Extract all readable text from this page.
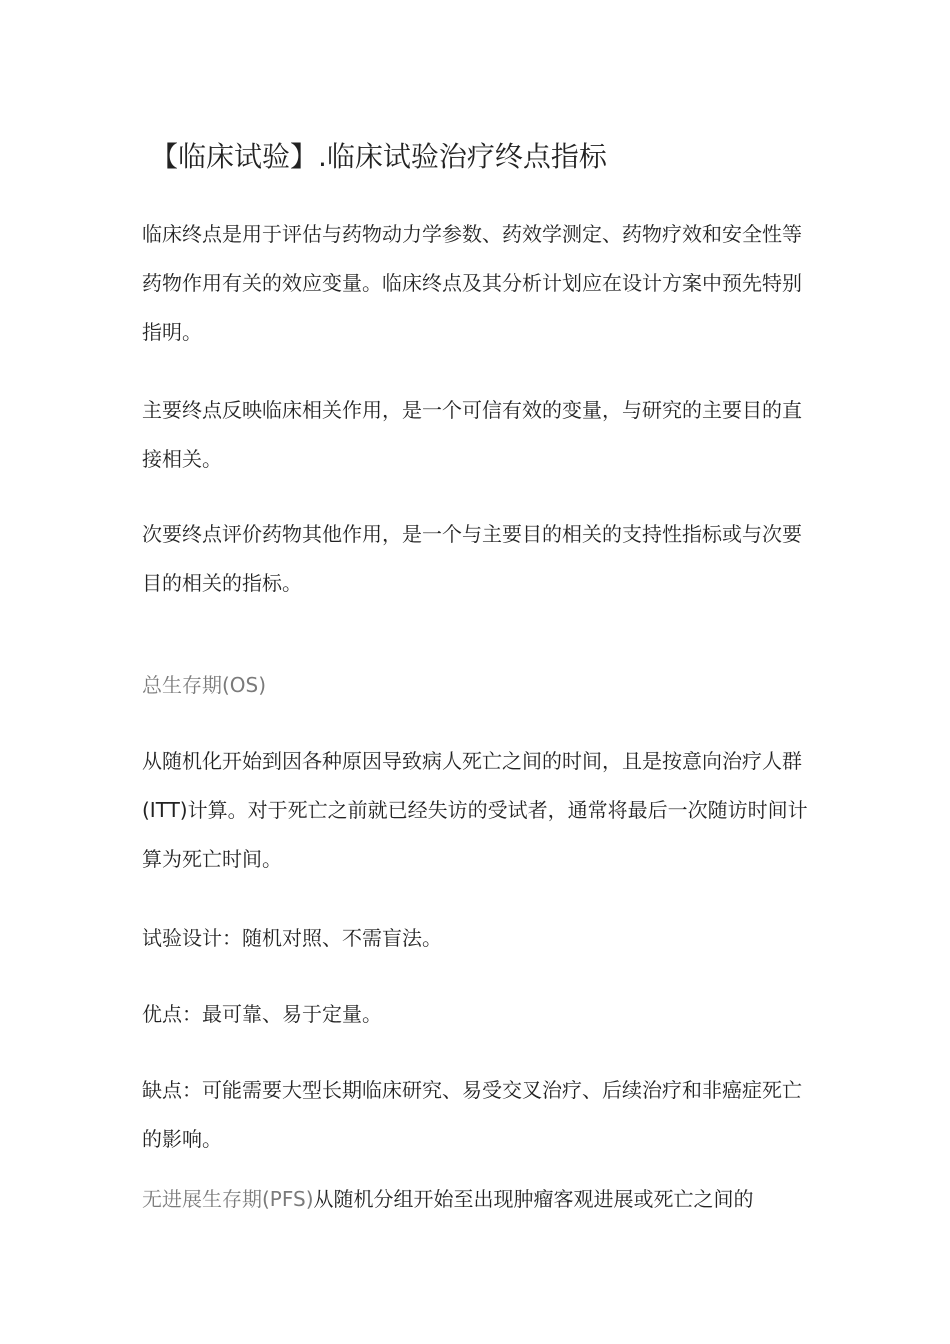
【临床试验】.临床试验治疗终点指标

临床终点是用于评估与药物动力学参数、药效学测定、药物疗效和安全性等药物作用有关的效应变量。临床终点及其分析计划应在设计方案中预先特别指明。

主要终点反映临床相关作用，是一个可信有效的变量，与研究的主要目的直接相关。

次要终点评价药物其他作用，是一个与主要目的相关的支持性指标或与次要目的相关的指标。

总生存期(OS)

从随机化开始到因各种原因导致病人死亡之间的时间，且是按意向治疗人群(ITT)计算。对于死亡之前就已经失访的受试者，通常将最后一次随访时间计算为死亡时间。

试验设计：随机对照、不需盲法。

优点：最可靠、易于定量。

缺点：可能需要大型长期临床研究、易受交叉治疗、后续治疗和非癌症死亡的影响。

无进展生存期(PFS)从随机分组开始至出现肿瘤客观进展或死亡之间的
